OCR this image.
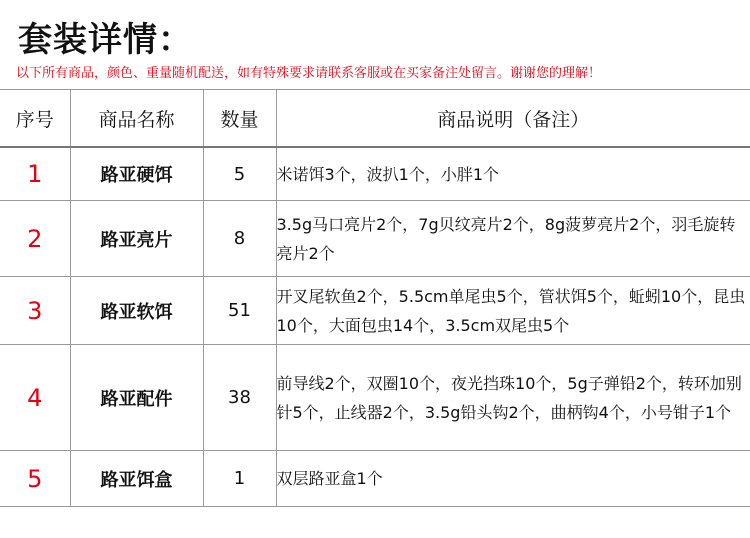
套装详情：
以下所有商品，颜色、重量随机配送，如有特殊要求请联系客服或在买家备注处留言。谢谢您的理解！
序号	商品名称	数量	商品说明（备注）
1	路亚硬饵	5	米诺饵3个，波扒1个，小胖1个
2	路亚亮片	8	3.5g马口亮片2个，7g贝纹亮片2个，8g菠萝亮片2个，羽毛旋转亮片2个
3	路亚软饵	51	开叉尾软鱼2个，5.5cm单尾虫5个，管状饵5个，蚯蚓10个，昆虫10个，大面包虫14个，3.5cm双尾虫5个
4	路亚配件	38	前导线2个，双圈10个，夜光挡珠10个，5g子弹铅2个，转环加别针5个，止线器2个，3.5g铅头钩2个，曲柄钩4个，小号钳子1个
5	路亚饵盒	1	双层路亚盒1个
